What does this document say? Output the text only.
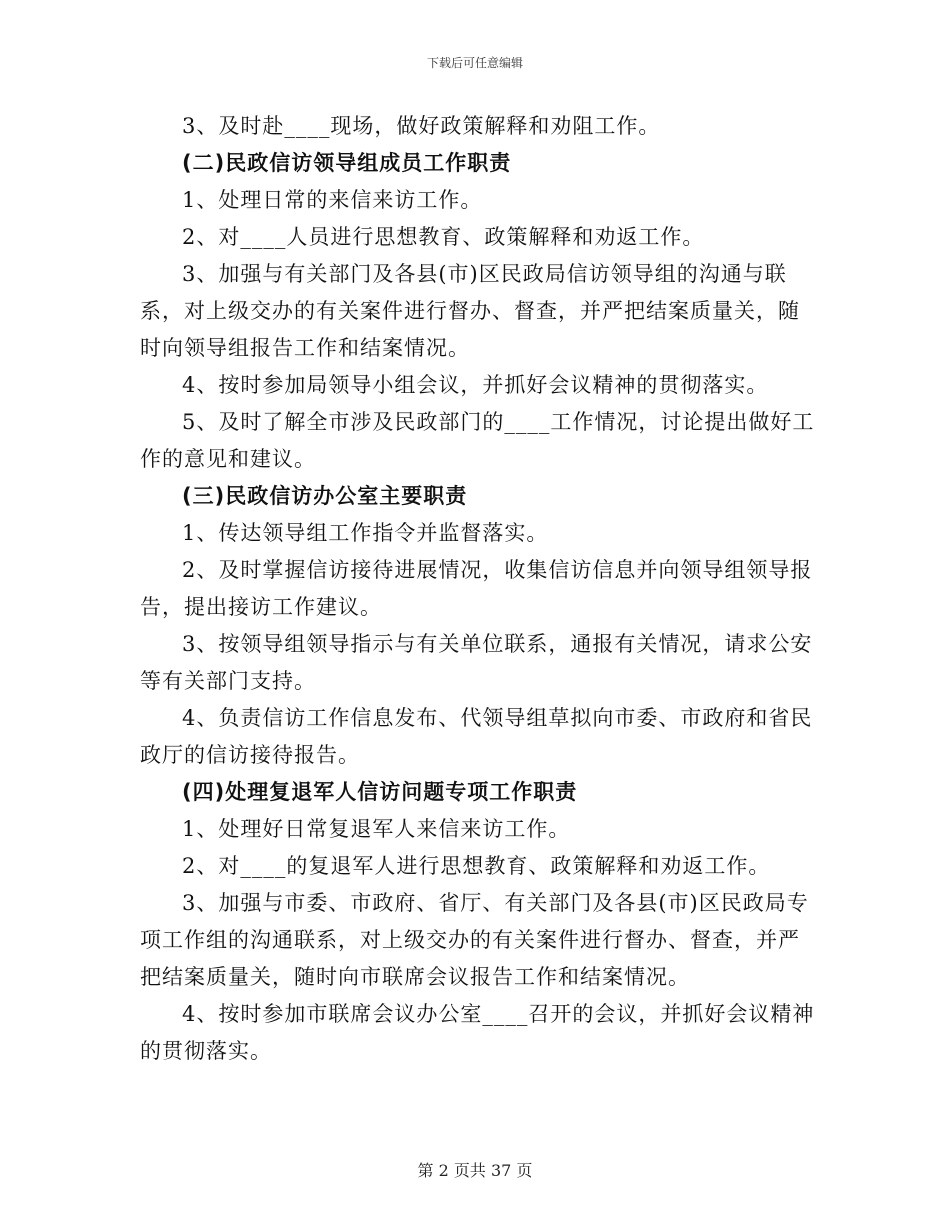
下载后可任意编辑

3、及时赴____现场，做好政策解释和劝阻工作。

(二)民政信访领导组成员工作职责

1、处理日常的来信来访工作。

2、对____人员进行思想教育、政策解释和劝返工作。

3、加强与有关部门及各县(市)区民政局信访领导组的沟通与联系，对上级交办的有关案件进行督办、督查，并严把结案质量关，随时向领导组报告工作和结案情况。

4、按时参加局领导小组会议，并抓好会议精神的贯彻落实。

5、及时了解全市涉及民政部门的____工作情况，讨论提出做好工作的意见和建议。

(三)民政信访办公室主要职责

1、传达领导组工作指令并监督落实。

2、及时掌握信访接待进展情况，收集信访信息并向领导组领导报告，提出接访工作建议。

3、按领导组领导指示与有关单位联系，通报有关情况，请求公安等有关部门支持。

4、负责信访工作信息发布、代领导组草拟向市委、市政府和省民政厅的信访接待报告。

(四)处理复退军人信访问题专项工作职责

1、处理好日常复退军人来信来访工作。

2、对____的复退军人进行思想教育、政策解释和劝返工作。

3、加强与市委、市政府、省厅、有关部门及各县(市)区民政局专项工作组的沟通联系，对上级交办的有关案件进行督办、督查，并严把结案质量关，随时向市联席会议报告工作和结案情况。

4、按时参加市联席会议办公室____召开的会议，并抓好会议精神的贯彻落实。

第 2 页共 37 页
